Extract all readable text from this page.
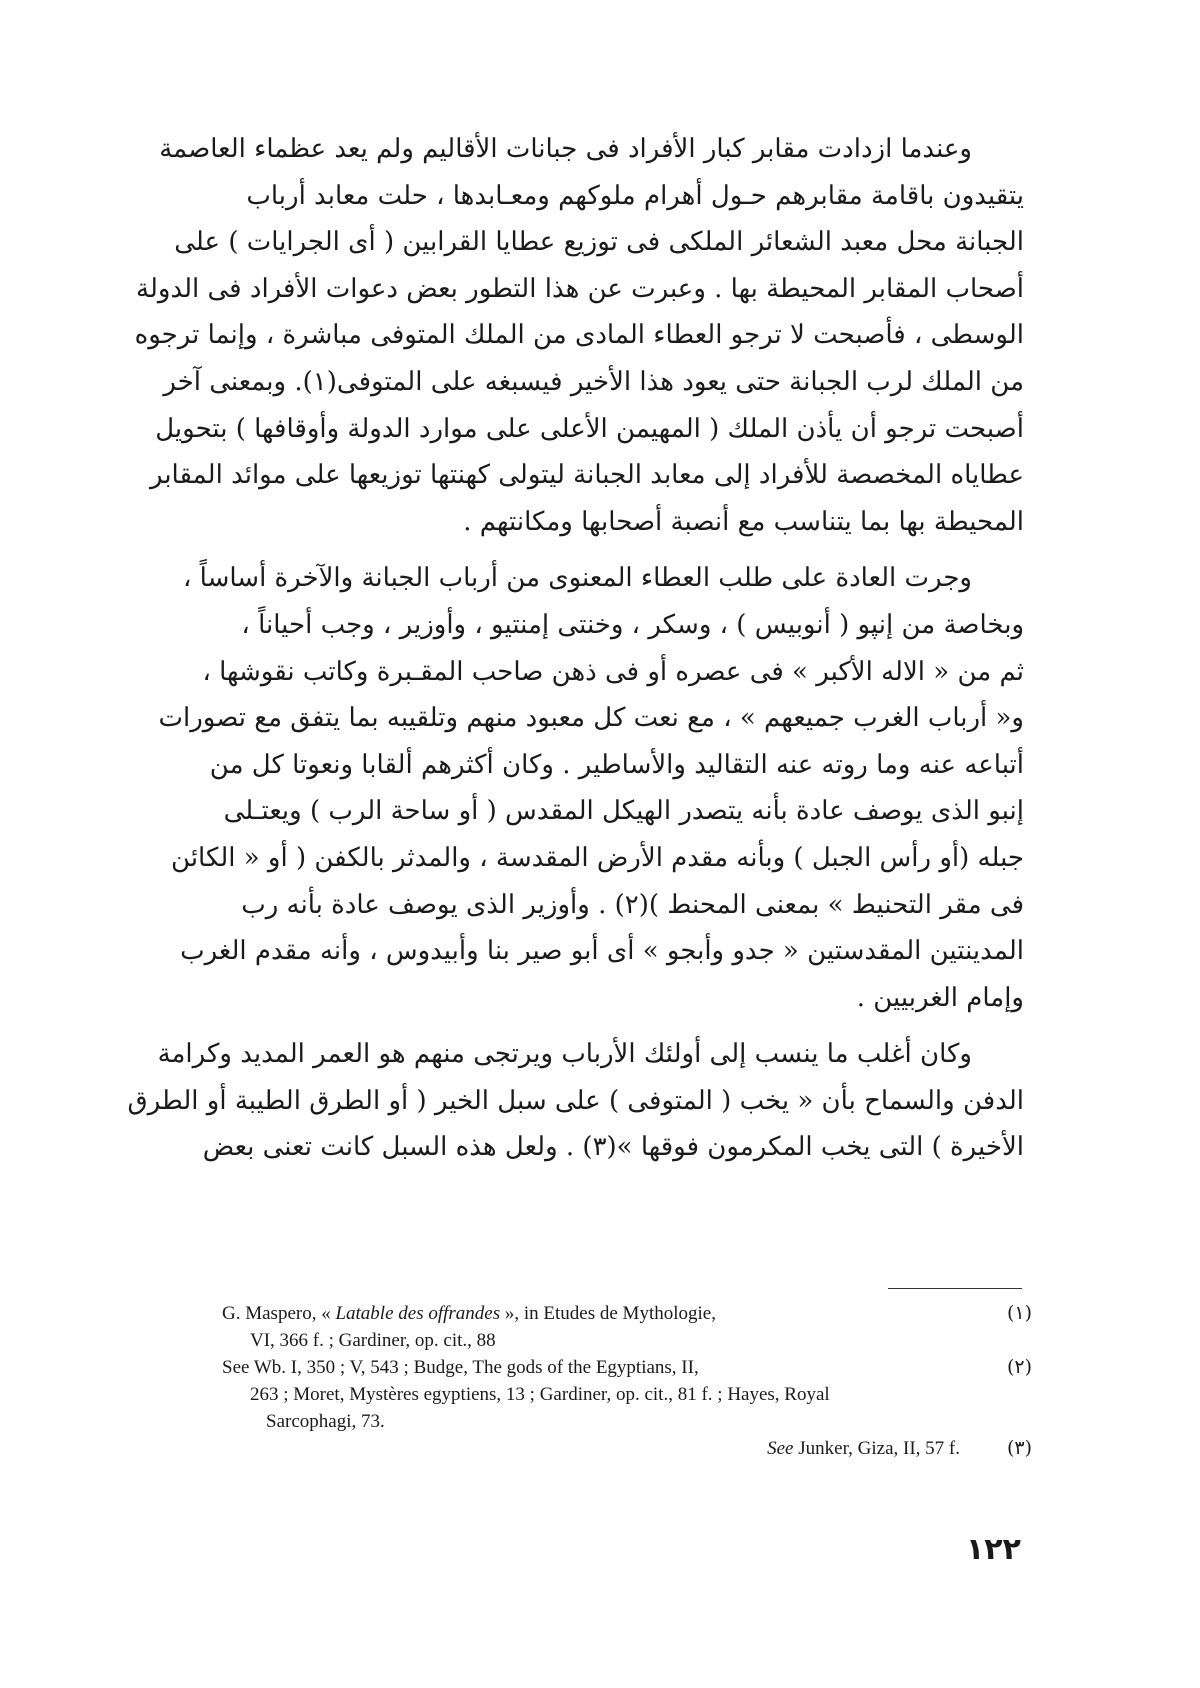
وعندما ازدادت مقابر كبار الأفراد فى جبانات الأقاليم ولم يعد عظماء العاصمة
يتقيدون باقامة مقابرهم حـول أهرام ملوكهم ومعـابدها ، حلت معابد أرباب
الجبانة محل معبد الشعائر الملكى فى توزيع عطايا القرابين ( أى الجرايات ) على
أصحاب المقابر المحيطة بها . وعبرت عن هذا التطور بعض دعوات الأفراد فى الدولة
الوسطى ، فأصبحت لا ترجو العطاء المادى من الملك المتوفى مباشرة ، وإنما ترجوه
من الملك لرب الجبانة حتى يعود هذا الأخير فيسبغه على المتوفى(١). وبمعنى آخر
أصبحت ترجو أن يأذن الملك ( المهيمن الأعلى على موارد الدولة وأوقافها ) بتحويل
عطاياه المخصصة للأفراد إلى معابد الجبانة ليتولى كهنتها توزيعها على موائد المقابر
المحيطة بها بما يتناسب مع أنصبة أصحابها ومكانتهم .
وجرت العادة على طلب العطاء المعنوى من أرباب الجبانة والآخرة أساساً ،
وبخاصة من إنپو ( أنوبيس ) ، وسكر ، وخنتى إمنتيو ، وأوزير ، وجب أحياناً ،
ثم من « الاله الأكبر » فى عصره أو فى ذهن صاحب المقـبرة وكاتب نقوشها ،
و« أرباب الغرب جميعهم » ، مع نعت كل معبود منهم وتلقيبه بما يتفق مع تصورات
أتباعه عنه وما روته عنه التقاليد والأساطير . وكان أكثرهم ألقابا ونعوتا كل من
إنبو الذى يوصف عادة بأنه يتصدر الهيكل المقدس ( أو ساحة الرب ) ويعتـلى
جبله (أو رأس الجبل ) وبأنه مقدم الأرض المقدسة ، والمدثر بالكفن ( أو « الكائن
فى مقر التحنيط » بمعنى المحنط )(٢) . وأوزير الذى يوصف عادة بأنه رب
المدينتين المقدستين « جدو وأبجو » أى أبو صير بنا وأبيدوس ، وأنه مقدم الغرب
وإمام الغربيين .
وكان أغلب ما ينسب إلى أولئك الأرباب ويرتجى منهم هو العمر المديد وكرامة
الدفن والسماح بأن « يخب ( المتوفى ) على سبل الخير ( أو الطرق الطيبة أو الطرق
الأخيرة ) التى يخب المكرمون فوقها »(٣) . ولعل هذه السبل كانت تعنى بعض
(١)
G. Maspero, « Latable des offrandes », in Etudes de Mythologie,
VI, 366 f. ; Gardiner, op. cit., 88
(٢)
See Wb. I, 350 ; V, 543 ; Budge, The gods of the Egyptians, II,
263 ; Moret, Mystères egyptiens, 13 ; Gardiner, op. cit., 81 f. ; Hayes, Royal
Sarcophagi, 73.
(٣)
See Junker, Giza, II, 57 f.
١٢٢
